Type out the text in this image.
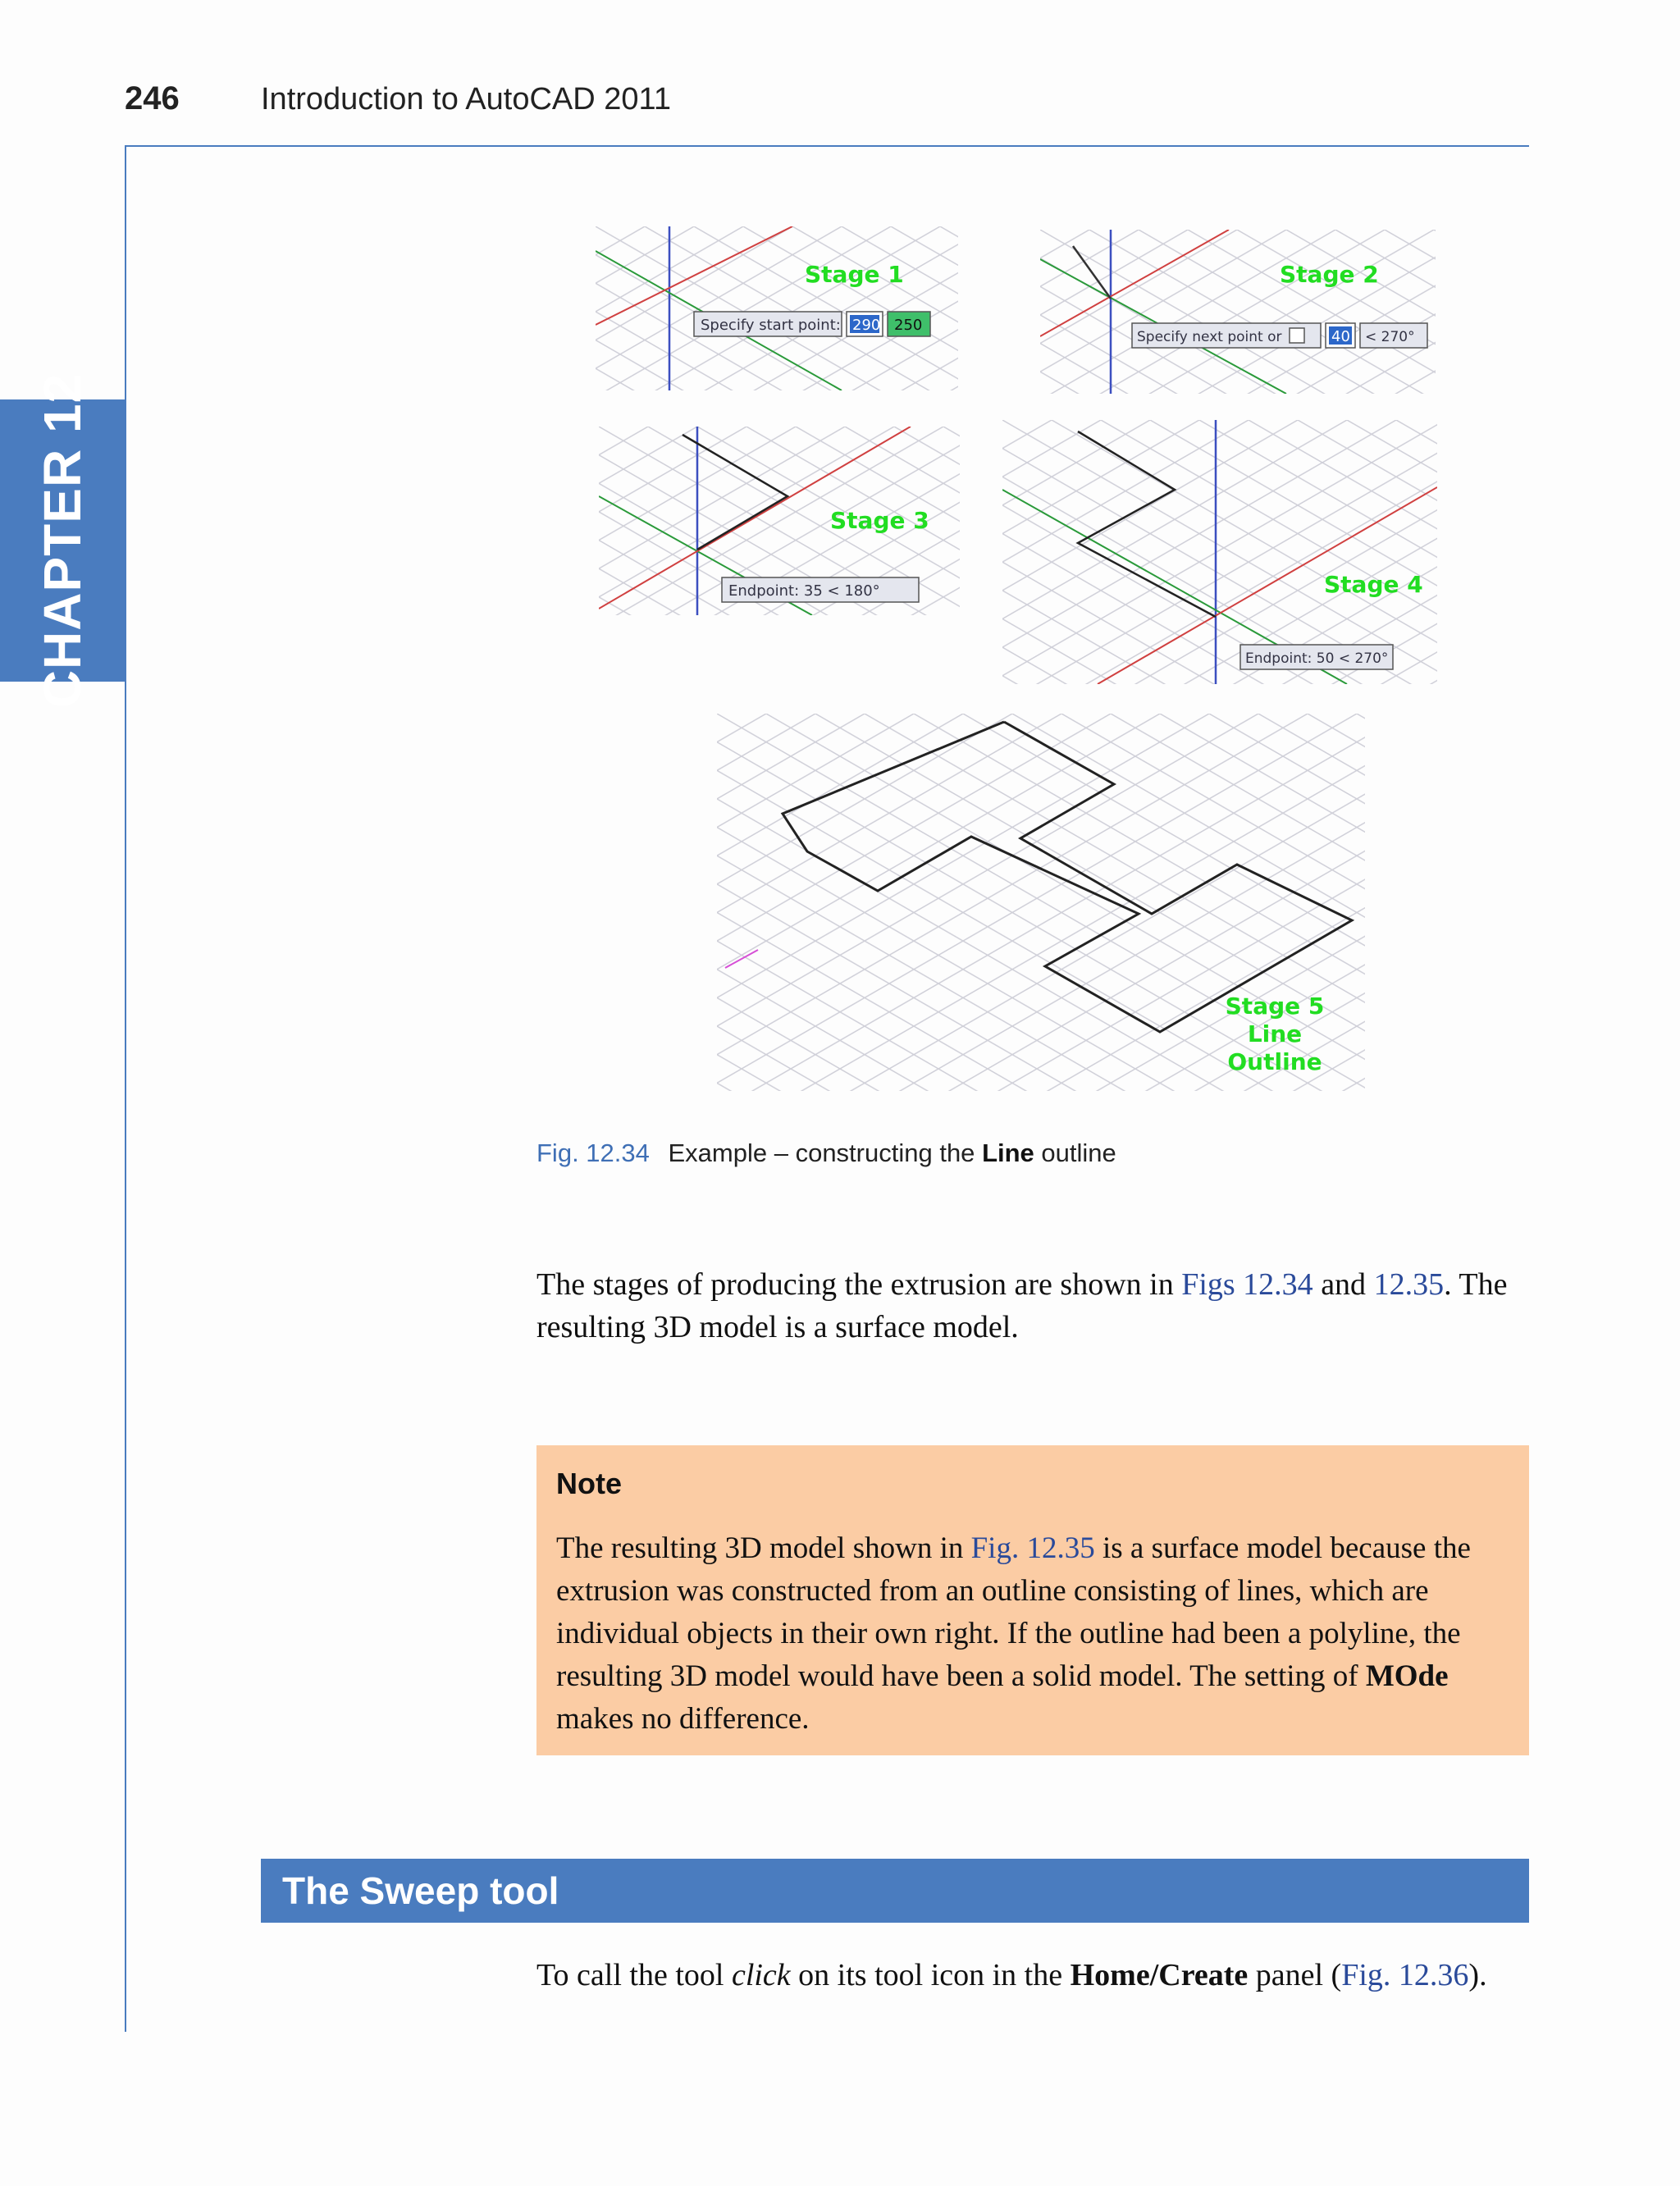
246	Introduction to AutoCAD 2011
CHAPTER 12
Stage 1
Specify start point: 290 250
Stage 2
Specify next point or	40 < 270°
Stage 3
Endpoint: 35 < 180°	Stage 4
Endpoint: 50 < 270°
Stage 5
Line
Outline
Fig. 12.34 Example – constructing the Line outline
The stages of producing the extrusion are shown in Figs 12.34 and 12.35. The resulting 3D model is a surface model.
Note
The resulting 3D model shown in Fig. 12.35 is a surface model because the extrusion was constructed from an outline consisting of lines, which are individual objects in their own right. If the outline had been a polyline, the resulting 3D model would have been a solid model. The setting of MOde makes no difference.
The Sweep tool
To call the tool click on its tool icon in the Home/Create panel (Fig. 12.36).
